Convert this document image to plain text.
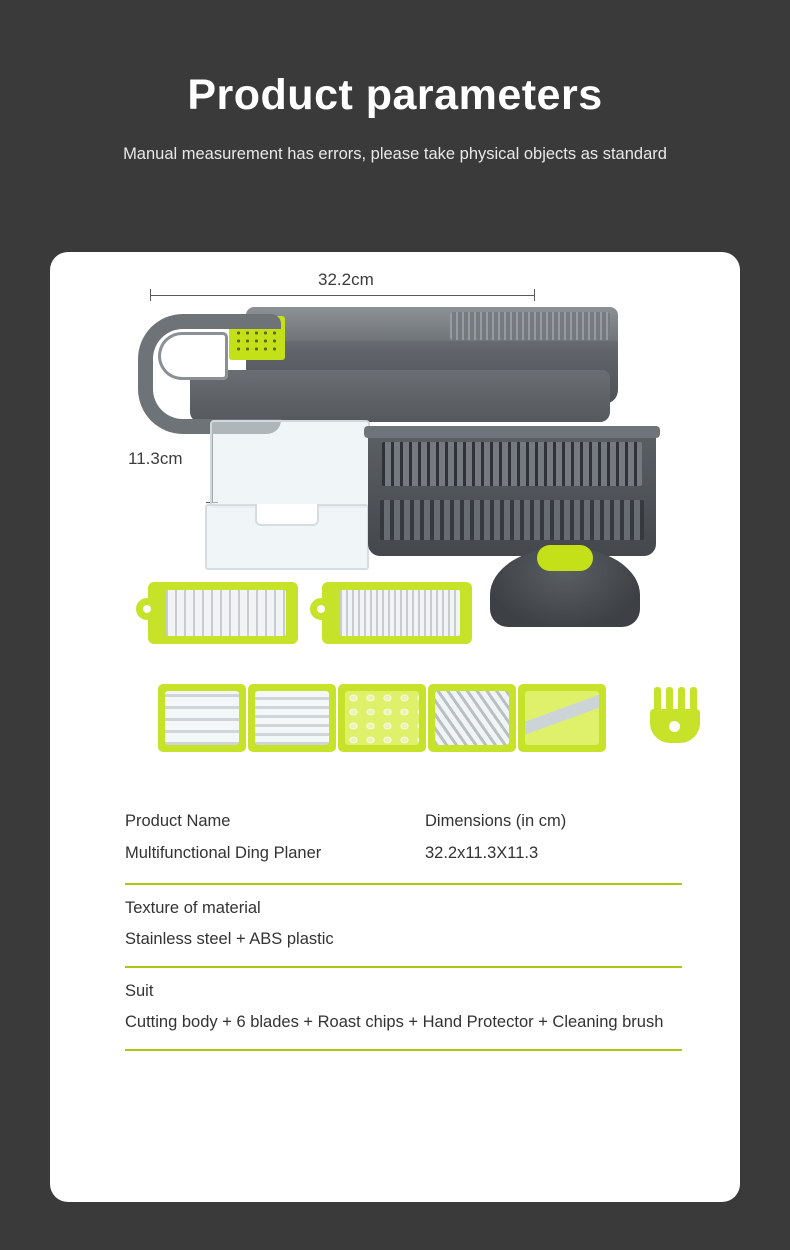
Product parameters
Manual measurement has errors, please take physical objects as standard
32.2cm
11.3cm
Product Name	Dimensions (in cm)
Multifunctional Ding Planer	32.2x11.3X11.3
Texture of material
Stainless steel + ABS plastic
Suit
Cutting body + 6 blades + Roast chips + Hand Protector + Cleaning brush
